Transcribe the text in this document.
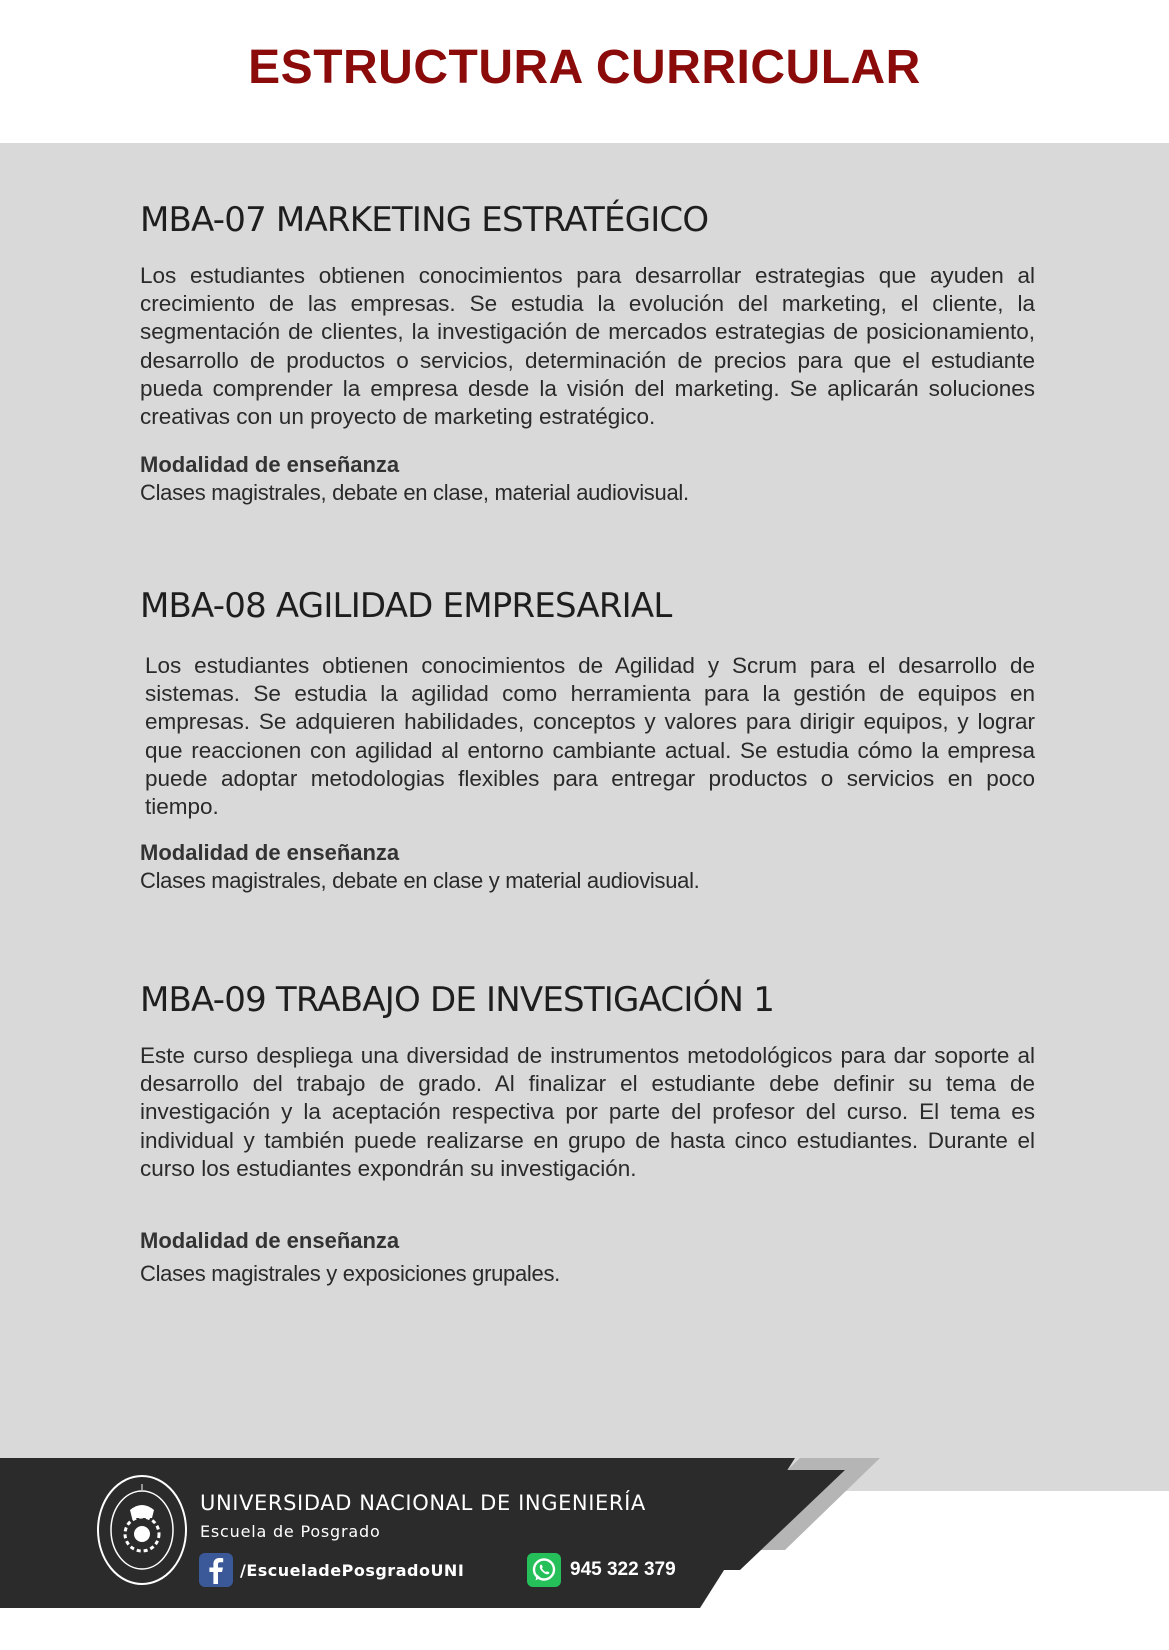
ESTRUCTURA CURRICULAR
MBA-07 MARKETING ESTRATÉGICO

Los estudiantes obtienen conocimientos para desarrollar estrategias que ayuden al crecimiento de las empresas. Se estudia la evolución del marketing, el cliente, la segmentación de clientes, la investigación de mercados estrategias de posicionamiento, desarrollo de productos o servicios, determinación de precios para que el estudiante pueda comprender la empresa desde la visión del marketing. Se aplicarán soluciones creativas con un proyecto de marketing estratégico.

Modalidad de enseñanza

Clases magistrales, debate en clase, material audiovisual.

MBA-08 AGILIDAD EMPRESARIAL

Los estudiantes obtienen conocimientos de Agilidad y Scrum para el desarrollo de sistemas. Se estudia la agilidad como herramienta para la gestión de equipos en empresas. Se adquieren habilidades, conceptos y valores para dirigir equipos, y lograr que reaccionen con agilidad al entorno cambiante actual. Se estudia cómo la empresa puede adoptar metodologias flexibles para entregar productos o servicios en poco tiempo.

Modalidad de enseñanza

Clases magistrales, debate en clase y material audiovisual.

MBA-09 TRABAJO DE INVESTIGACIÓN 1

Este curso despliega una diversidad de instrumentos metodológicos para dar soporte al desarrollo del trabajo de grado. Al finalizar el estudiante debe definir su tema de investigación y la aceptación respectiva por parte del profesor del curso. El tema es individual y también puede realizarse en grupo de hasta cinco estudiantes. Durante el curso los estudiantes expondrán su investigación.

Modalidad de enseñanza

Clases magistrales y exposiciones grupales.

UNIVERSIDAD NACIONAL DE INGENIERÍA
Escuela de Posgrado
/EscueladePosgradoUNI	945 322 379
